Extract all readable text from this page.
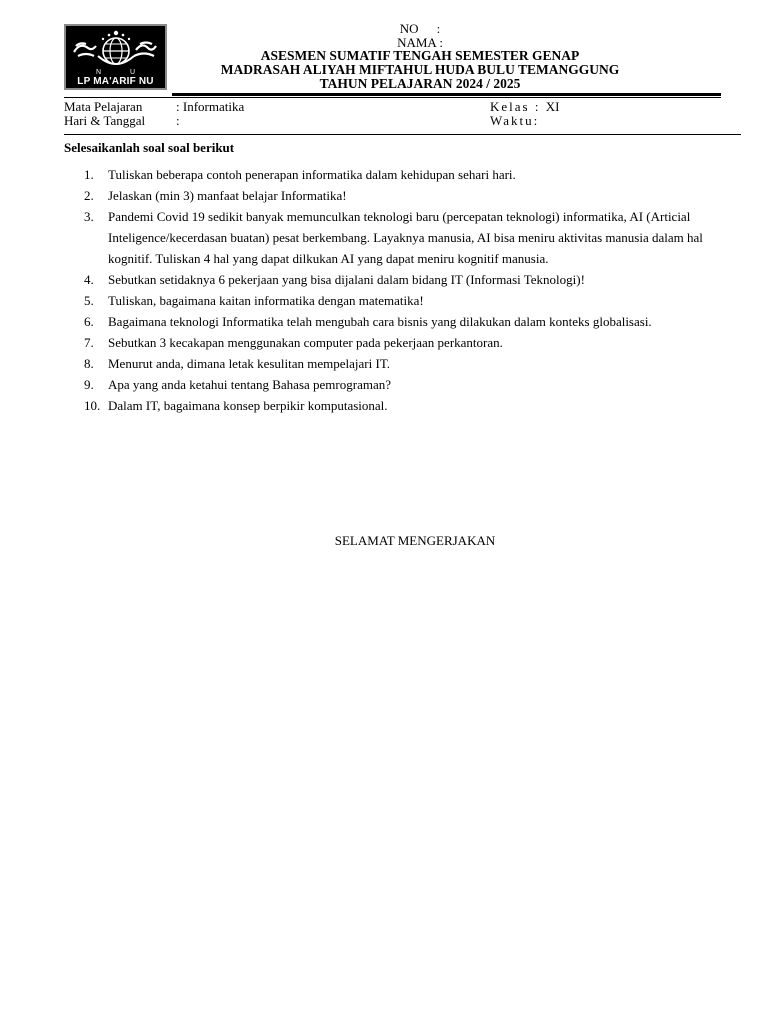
N	U
LP MA'ARIF NU
NO :
NAMA :
ASESMEN SUMATIF TENGAH SEMESTER GENAP
MADRASAH ALIYAH MIFTAHUL HUDA BULU TEMANGGUNG
TAHUN PELAJARAN 2024 / 2025
Mata Pelajaran	: Informatika
Hari & Tanggal :
Kelas : XI
Waktu:
Selesaikanlah soal soal berikut
1.	Tuliskan beberapa contoh penerapan informatika dalam kehidupan sehari hari.
2.	Jelaskan (min 3) manfaat belajar Informatika!
3.	Pandemi Covid 19 sedikit banyak memunculkan teknologi baru (percepatan teknologi) informatika, AI (Articial Inteligence/kecerdasan buatan) pesat berkembang. Layaknya manusia, AI bisa meniru aktivitas manusia dalam hal kognitif. Tuliskan 4 hal yang dapat dilkukan AI yang dapat meniru kognitif manusia.
4.	Sebutkan setidaknya 6 pekerjaan yang bisa dijalani dalam bidang IT (Informasi Teknologi)!
5.	Tuliskan, bagaimana kaitan informatika dengan matematika!
6.	Bagaimana teknologi Informatika telah mengubah cara bisnis yang dilakukan dalam konteks globalisasi.
7.	Sebutkan 3 kecakapan menggunakan computer pada pekerjaan perkantoran.
8.	Menurut anda, dimana letak kesulitan mempelajari IT.
9.	Apa yang anda ketahui tentang Bahasa pemrograman?
10. Dalam IT, bagaimana konsep berpikir komputasional.
SELAMAT MENGERJAKAN
